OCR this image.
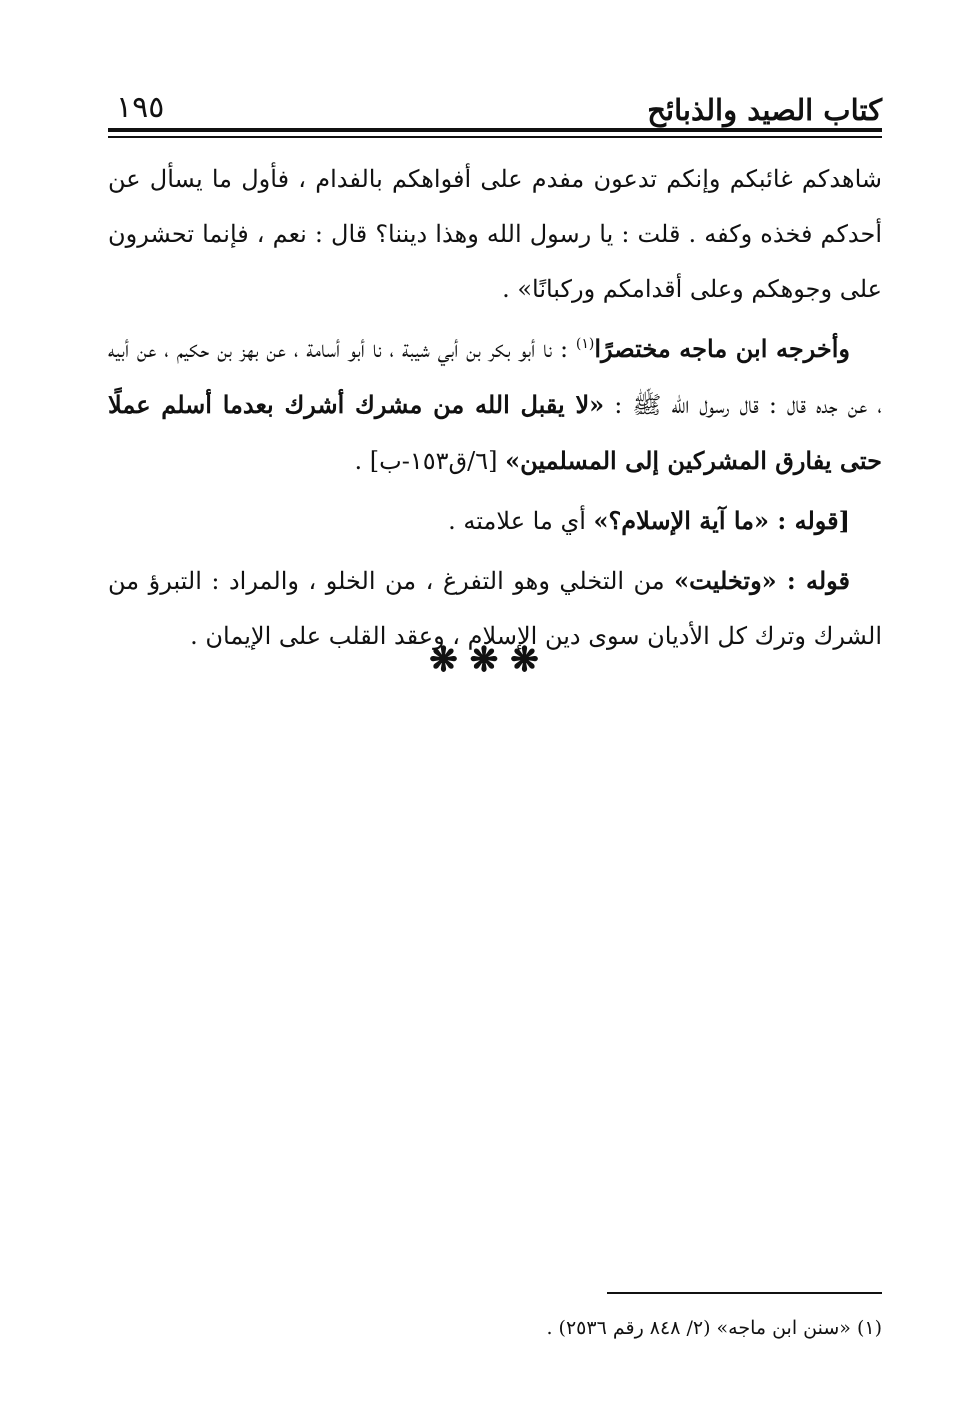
كتاب الصيد والذبائح
١٩٥

شاهدكم غائبكم وإنكم تدعون مفدم على أفواهكم بالفدام ، فأول ما يسأل عن أحدكم فخذه وكفه . قلت : يا رسول الله وهذا ديننا؟ قال : نعم ، فإنما تحشرون على وجوهكم وعلى أقدامكم وركبانًا» .

وأخرجه ابن ماجه مختصرًا$^{(١)}$ : نا أبو بكر بن أبي شيبة ، نا أبو أسامة ، عن بهز بن حكيم ، عن أبيه ، عن جده قال : قال رسول الله ﷺ : «لا يقبل الله من مشرك أشرك بعدما أسلم عملًا حتى يفارق المشركين إلى المسلمين» [٦/ق١٥٣-ب] .

[قوله : «ما آية الإسلام؟» أي ما علامته .

قوله : «وتخليت» من التخلي وهو التفرغ ، من الخلو ، والمراد : التبرؤ من الشرك وترك كل الأديان سوى دين الإسلام ، وعقد القلب على الإيمان .

❋❋❋
(١) «سنن ابن ماجه» (٢/ ٨٤٨ رقم ٢٥٣٦) .
